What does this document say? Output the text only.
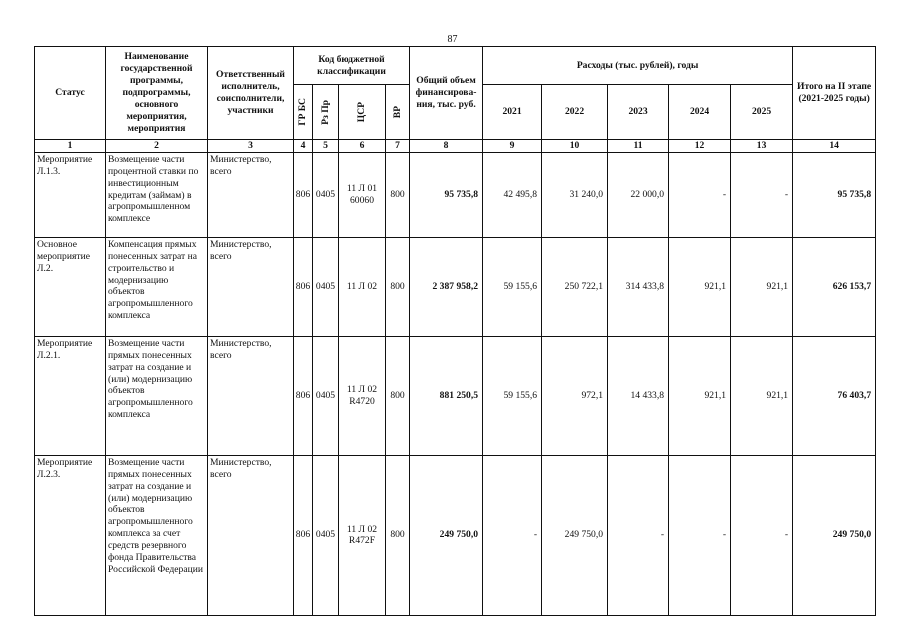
87
Статус	Наименование государственной программы, подпрограммы, основного мероприятия, мероприятия	Ответственный исполнитель, соисполнители, участники	Код бюджетной классификации				Общий объем финансирова-ния, тыс. руб.	Расходы (тыс. рублей), годы					Итого на II этапе (2021-2025 годы)

			ГР БС	Рз Пр	ЦСР	ВР		2021	2022	2023	2024	2025	
1	2	3	4	5	6	7	8	9	10	11	12	13	14
Мероприятие Л.1.3.	Возмещение части процентной ставки по инвестиционным кредитам (займам) в агропромышленном комплексе	Министерство, всего	806	0405	11 Л 01 60060	800	95 735,8	42 495,8	31 240,0	22 000,0	-	-	95 735,8
Основное мероприятие Л.2.	Компенсация прямых понесенных затрат на строительство и модернизацию объектов агропромышленного комплекса	Министерство, всего	806	0405	11 Л 02	800	2 387 958,2	59 155,6	250 722,1	314 433,8	921,1	921,1	626 153,7
Мероприятие Л.2.1.	Возмещение части прямых понесенных затрат на создание и (или) модернизацию объектов агропромышленного комплекса	Министерство, всего	806	0405	11 Л 02 R4720	800	881 250,5	59 155,6	972,1	14 433,8	921,1	921,1	76 403,7
Мероприятие Л.2.3.	Возмещение части прямых понесенных затрат на создание и (или) модернизацию объектов агропромышленного комплекса за счет средств резервного фонда Правительства Российской Федерации	Министерство, всего	806	0405	11 Л 02 R472F	800	249 750,0	-	249 750,0	-	-	-	249 750,0
